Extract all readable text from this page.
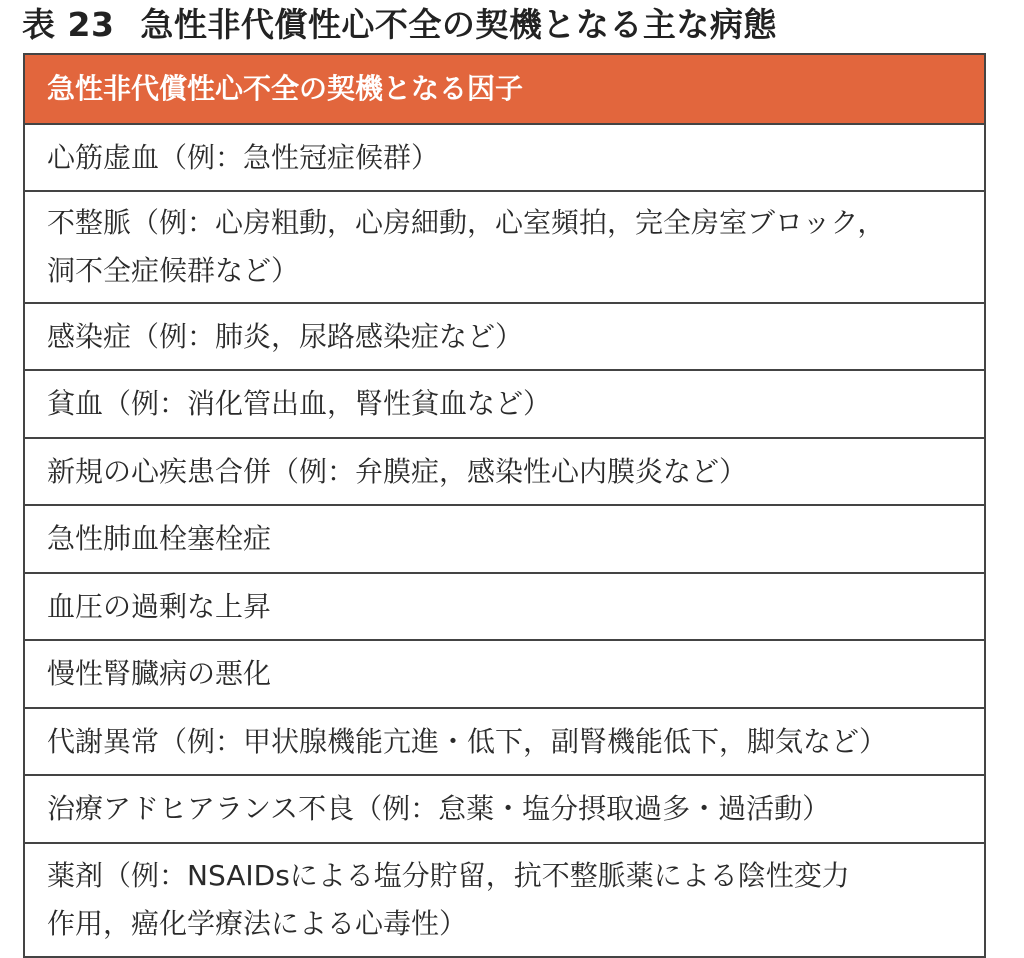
表 23 急性非代償性心不全の契機となる主な病態
急性非代償性心不全の契機となる因子
心筋虚血（例：急性冠症候群）
不整脈（例：心房粗動，心房細動，心室頻拍，完全房室ブロック，
洞不全症候群など）
感染症（例：肺炎，尿路感染症など）
貧血（例：消化管出血，腎性貧血など）
新規の心疾患合併（例：弁膜症，感染性心内膜炎など）
急性肺血栓塞栓症
血圧の過剰な上昇
慢性腎臓病の悪化
代謝異常（例：甲状腺機能亢進・低下，副腎機能低下，脚気など）
治療アドヒアランス不良（例：怠薬・塩分摂取過多・過活動）
薬剤（例：NSAIDsによる塩分貯留，抗不整脈薬による陰性変力
作用，癌化学療法による心毒性）
